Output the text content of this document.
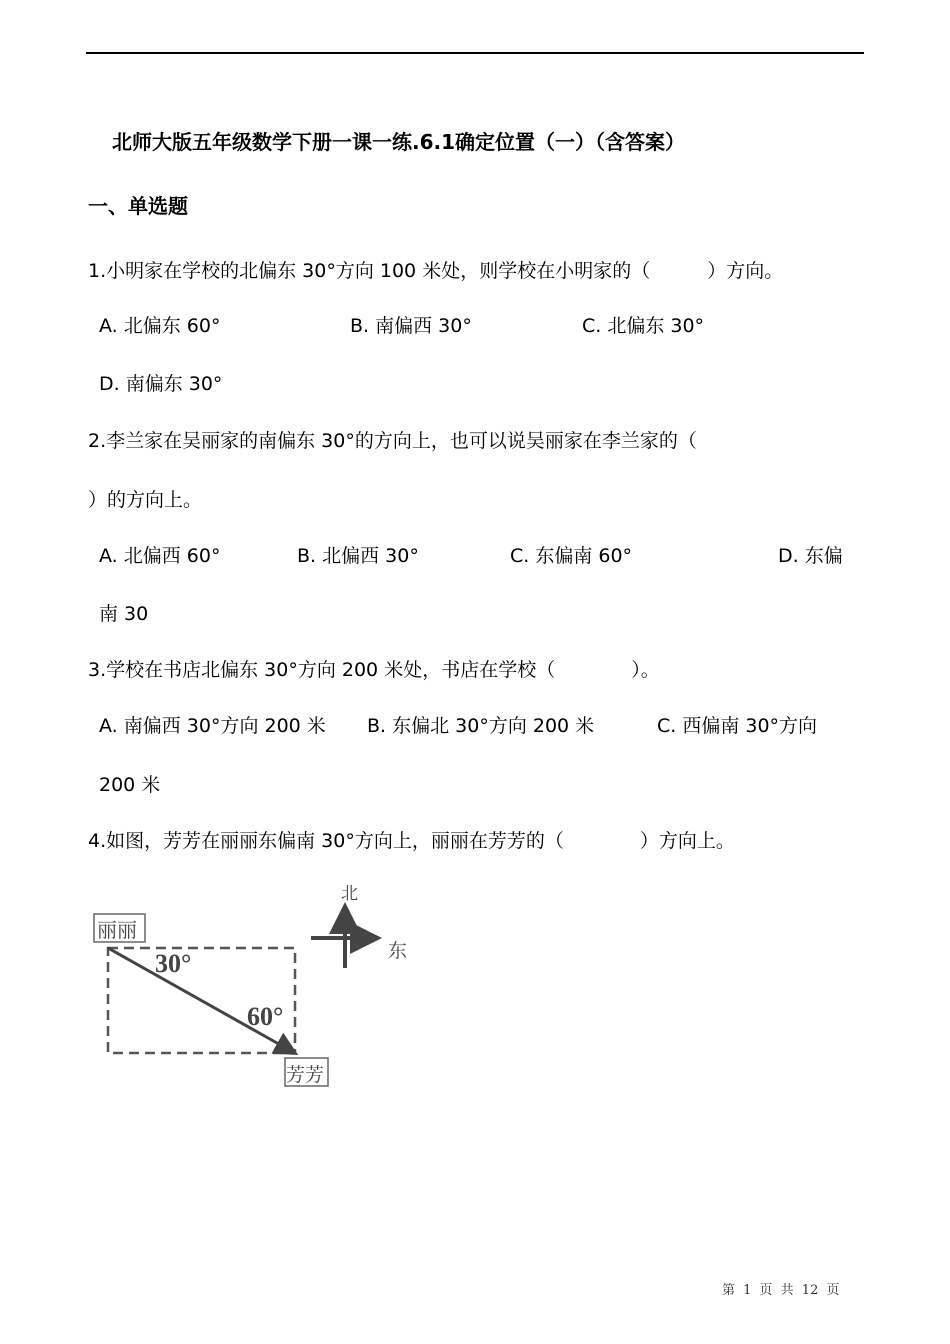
北师大版五年级数学下册一课一练.6.1确定位置（一）（含答案）
一、单选题
1.小明家在学校的北偏东 30°方向 100 米处，则学校在小明家的（　　　）方向。
A. 北偏东 60°	B. 南偏西 30°	C. 北偏东 30°
D. 南偏东 30°
2.李兰家在吴丽家的南偏东 30°的方向上，也可以说吴丽家在李兰家的（
）的方向上。
A. 北偏西 60°	B. 北偏西 30°	C. 东偏南 60°	D. 东偏
南 30
3.学校在书店北偏东 30°方向 200 米处，书店在学校（　　　　）。
A. 南偏西 30°方向 200 米 B. 东偏北 30°方向 200 米	C. 西偏南 30°方向
200 米
4.如图，芳芳在丽丽东偏南 30°方向上，丽丽在芳芳的（　　　　）方向上。
丽丽
芳芳
30°
60°
北
东
第 1 页 共 12 页
